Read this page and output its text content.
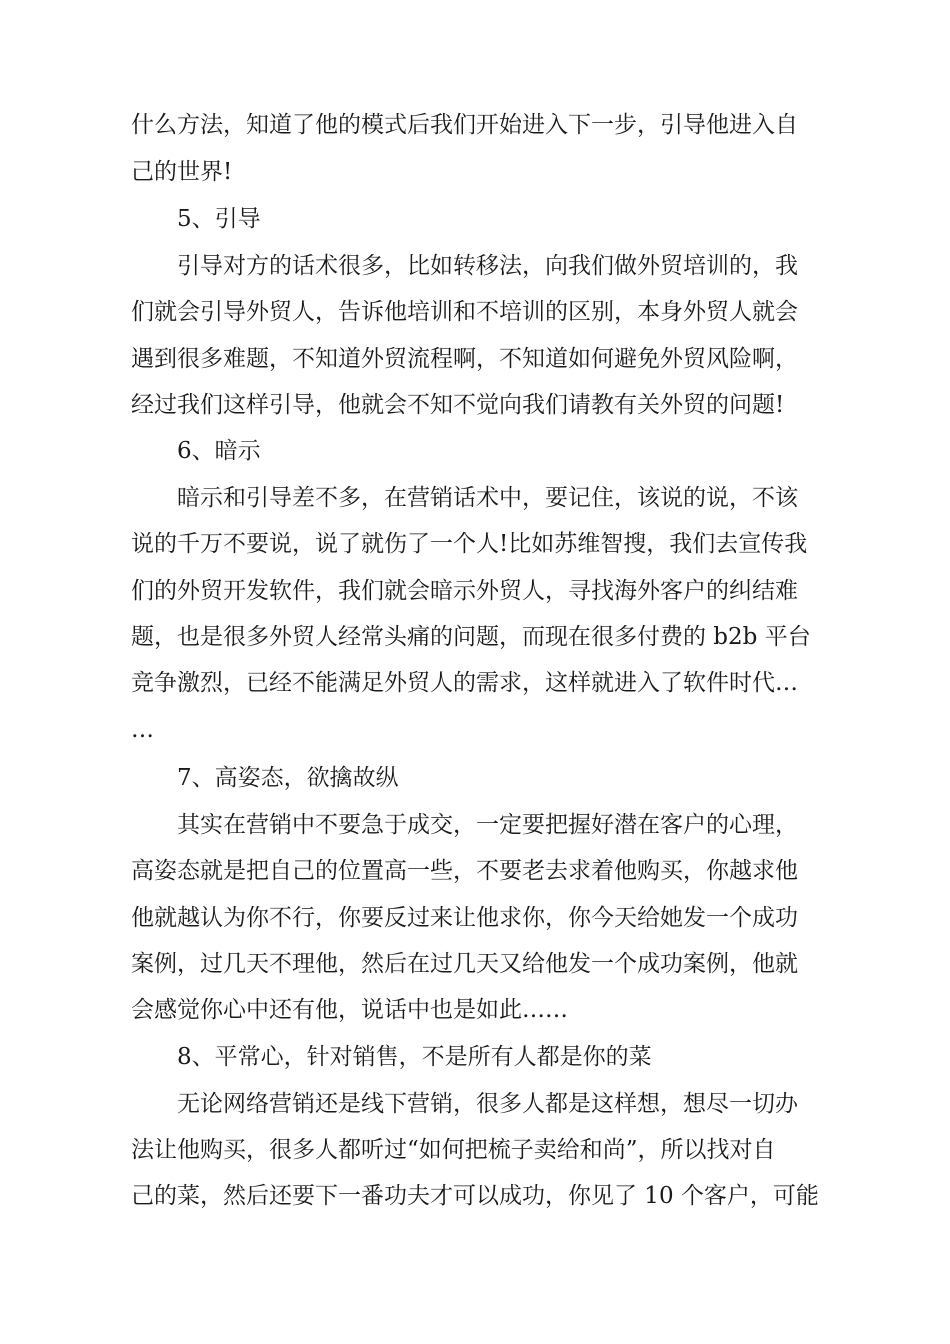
什么方法，知道了他的模式后我们开始进入下一步，引导他进入自
己的世界!
5、引导
引导对方的话术很多，比如转移法，向我们做外贸培训的，我
们就会引导外贸人，告诉他培训和不培训的区别，本身外贸人就会
遇到很多难题，不知道外贸流程啊，不知道如何避免外贸风险啊，
经过我们这样引导，他就会不知不觉向我们请教有关外贸的问题!
6、暗示
暗示和引导差不多，在营销话术中，要记住，该说的说，不该
说的千万不要说，说了就伤了一个人!比如苏维智搜，我们去宣传我
们的外贸开发软件，我们就会暗示外贸人，寻找海外客户的纠结难
题，也是很多外贸人经常头痛的问题，而现在很多付费的 b2b 平台
竞争激烈，已经不能满足外贸人的需求，这样就进入了软件时代…
…
7、高姿态，欲擒故纵
其实在营销中不要急于成交，一定要把握好潜在客户的心理，
高姿态就是把自己的位置高一些，不要老去求着他购买，你越求他
他就越认为你不行，你要反过来让他求你，你今天给她发一个成功
案例，过几天不理他，然后在过几天又给他发一个成功案例，他就
会感觉你心中还有他，说话中也是如此……
8、平常心，针对销售，不是所有人都是你的菜
无论网络营销还是线下营销，很多人都是这样想，想尽一切办
法让他购买，很多人都听过“如何把梳子卖给和尚”，所以找对自
己的菜，然后还要下一番功夫才可以成功，你见了 10 个客户，可能
